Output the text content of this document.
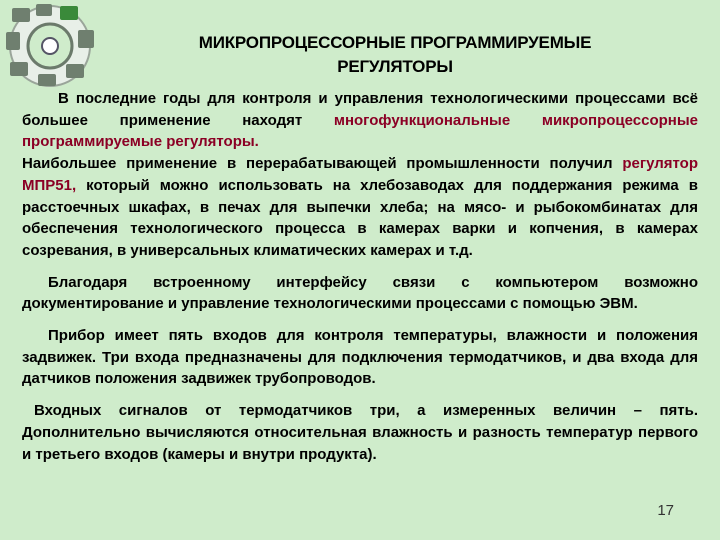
МИКРОПРОЦЕССОРНЫЕ ПРОГРАММИРУЕМЫЕ
РЕГУЛЯТОРЫ

В последние годы для контроля и управления технологическими процессами всё большее применение находят многофункциональные микропроцессорные программируемые регуляторы.

Наибольшее применение в перерабатывающей промышленности получил регулятор МПР51, который можно использовать на хлебозаводах для поддержания режима в расстоечных шкафах, в печах для выпечки хлеба; на мясо- и рыбокомбинатах для обеспечения технологического процесса в камерах варки и копчения, в камерах созревания, в универсальных климатических камерах и т.д.

Благодаря встроенному интерфейсу связи с компьютером возможно документирование и управление технологическими процессами с помощью ЭВМ.

Прибор имеет пять входов для контроля температуры, влажности и положения задвижек. Три входа предназначены для подключения термодатчиков, и два входа для датчиков положения задвижек трубопроводов.

Входных сигналов от термодатчиков три, а измеренных величин – пять. Дополнительно вычисляются относительная влажность и разность температур первого и третьего входов (камеры и внутри продукта).

17
